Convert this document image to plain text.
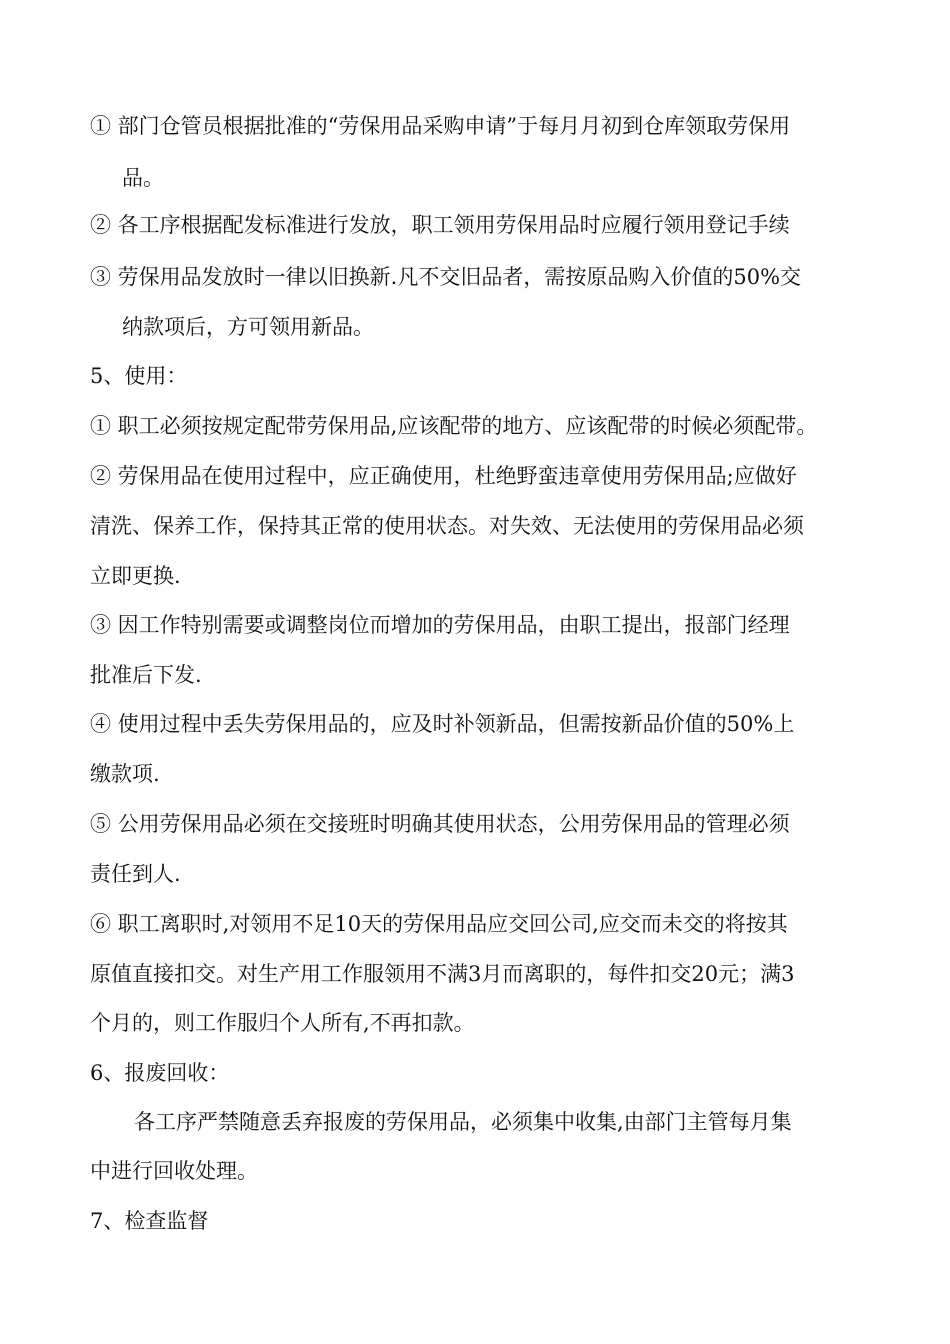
① 部门仓管员根据批准的“劳保用品采购申请”于每月月初到仓库领取劳保用
品。
② 各工序根据配发标准进行发放，职工领用劳保用品时应履行领用登记手续
③ 劳保用品发放时一律以旧换新.凡不交旧品者，需按原品购入价值的50%交
纳款项后，方可领用新品。
5、使用：
① 职工必须按规定配带劳保用品,应该配带的地方、应该配带的时候必须配带。
② 劳保用品在使用过程中，应正确使用，杜绝野蛮违章使用劳保用品;应做好
清洗、保养工作，保持其正常的使用状态。对失效、无法使用的劳保用品必须
立即更换.
③ 因工作特别需要或调整岗位而增加的劳保用品，由职工提出，报部门经理
批准后下发.
④ 使用过程中丢失劳保用品的，应及时补领新品，但需按新品价值的50%上
缴款项.
⑤ 公用劳保用品必须在交接班时明确其使用状态，公用劳保用品的管理必须
责任到人.
⑥ 职工离职时,对领用不足10天的劳保用品应交回公司,应交而未交的将按其
原值直接扣交。对生产用工作服领用不满3月而离职的，每件扣交20元；满3
个月的，则工作服归个人所有,不再扣款。
6、报废回收：
各工序严禁随意丢弃报废的劳保用品，必须集中收集,由部门主管每月集
中进行回收处理。
7、检查监督
